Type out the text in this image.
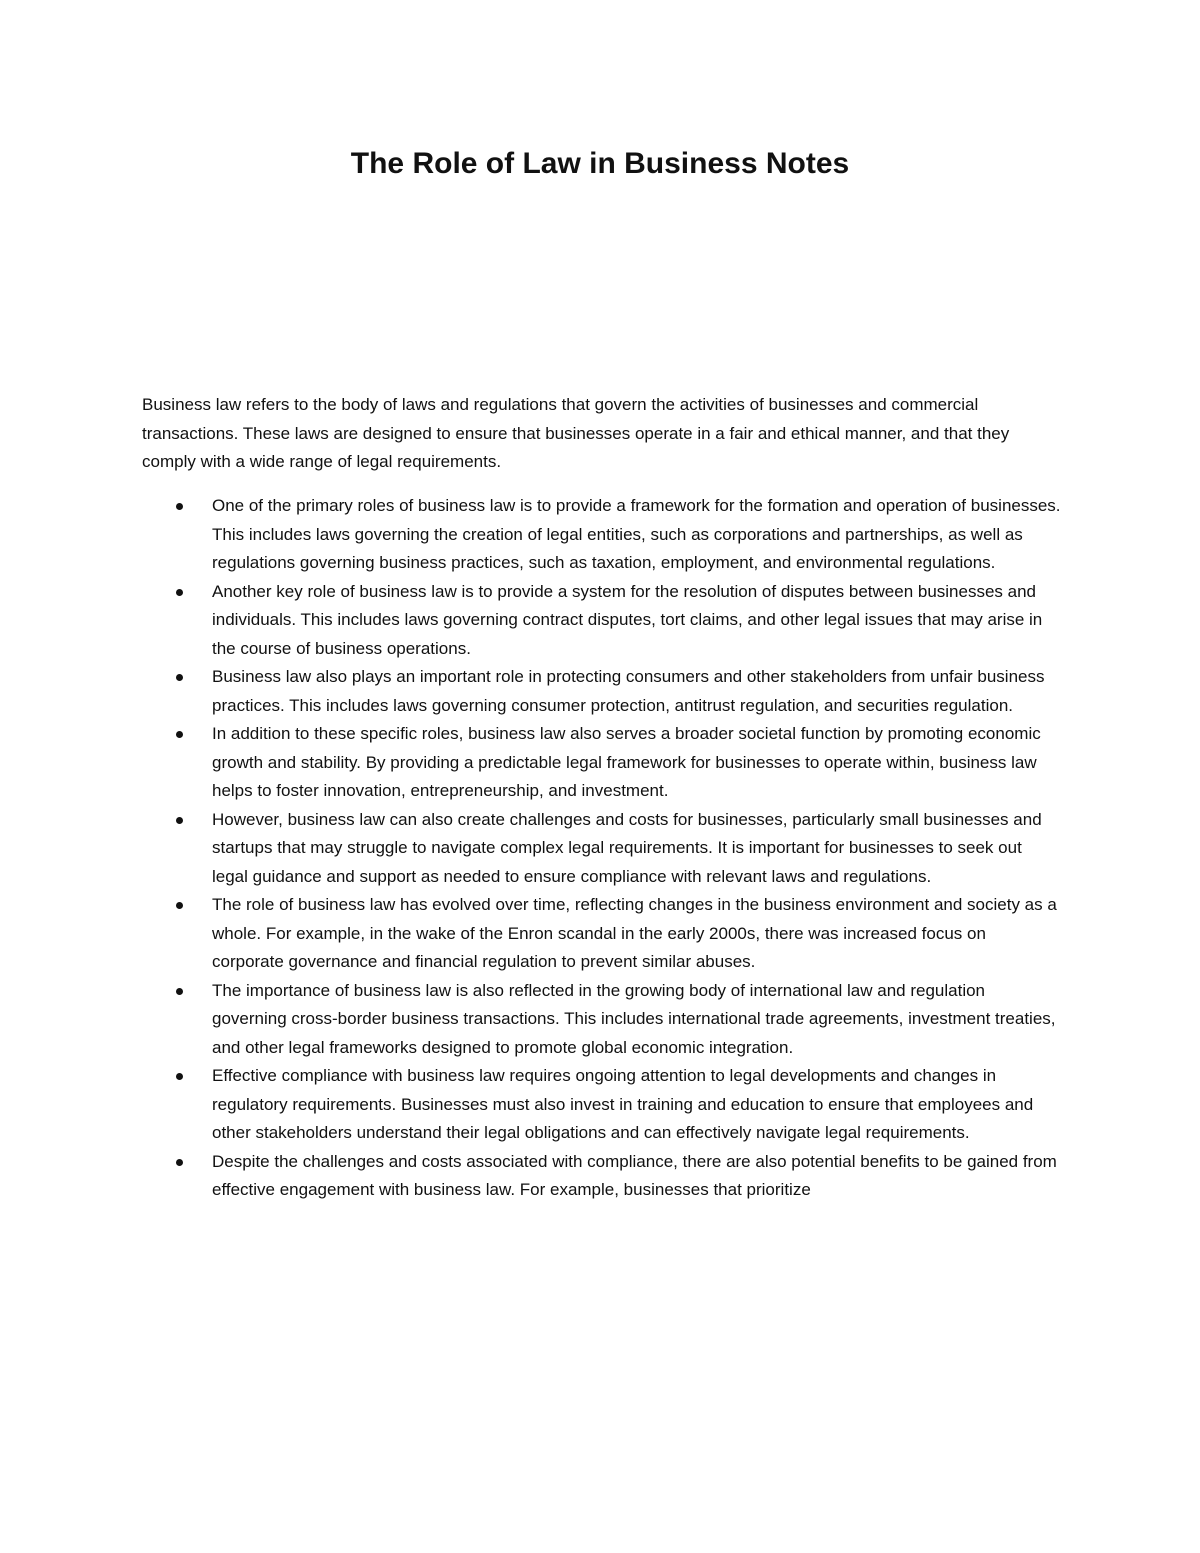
The Role of Law in Business Notes

Business law refers to the body of laws and regulations that govern the activities of businesses and commercial transactions. These laws are designed to ensure that businesses operate in a fair and ethical manner, and that they comply with a wide range of legal requirements.

One of the primary roles of business law is to provide a framework for the formation and operation of businesses. This includes laws governing the creation of legal entities, such as corporations and partnerships, as well as regulations governing business practices, such as taxation, employment, and environmental regulations.
Another key role of business law is to provide a system for the resolution of disputes between businesses and individuals. This includes laws governing contract disputes, tort claims, and other legal issues that may arise in the course of business operations.
Business law also plays an important role in protecting consumers and other stakeholders from unfair business practices. This includes laws governing consumer protection, antitrust regulation, and securities regulation.
In addition to these specific roles, business law also serves a broader societal function by promoting economic growth and stability. By providing a predictable legal framework for businesses to operate within, business law helps to foster innovation, entrepreneurship, and investment.
However, business law can also create challenges and costs for businesses, particularly small businesses and startups that may struggle to navigate complex legal requirements. It is important for businesses to seek out legal guidance and support as needed to ensure compliance with relevant laws and regulations.
The role of business law has evolved over time, reflecting changes in the business environment and society as a whole. For example, in the wake of the Enron scandal in the early 2000s, there was increased focus on corporate governance and financial regulation to prevent similar abuses.
The importance of business law is also reflected in the growing body of international law and regulation governing cross-border business transactions. This includes international trade agreements, investment treaties, and other legal frameworks designed to promote global economic integration.
Effective compliance with business law requires ongoing attention to legal developments and changes in regulatory requirements. Businesses must also invest in training and education to ensure that employees and other stakeholders understand their legal obligations and can effectively navigate legal requirements.
Despite the challenges and costs associated with compliance, there are also potential benefits to be gained from effective engagement with business law. For example, businesses that prioritize
